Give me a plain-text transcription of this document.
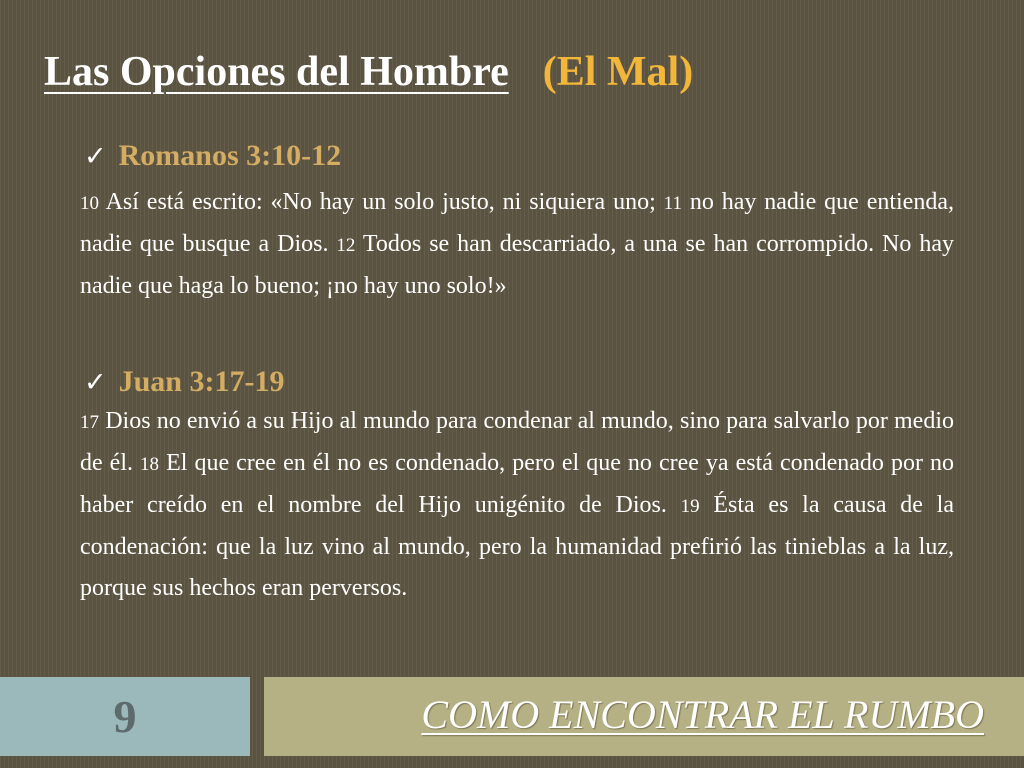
Las Opciones del Hombre (El Mal)
✓ Romanos 3:10-12

10 Así está escrito: «No hay un solo justo, ni siquiera uno; 11 no hay nadie que entienda, nadie que busque a Dios. 12 Todos se han descarriado, a una se han corrompido. No hay nadie que haga lo bueno; ¡no hay uno solo!»

✓ Juan 3:17-19

17 Dios no envió a su Hijo al mundo para condenar al mundo, sino para salvarlo por medio de él. 18 El que cree en él no es condenado, pero el que no cree ya está condenado por no haber creído en el nombre del Hijo unigénito de Dios. 19 Ésta es la causa de la condenación: que la luz vino al mundo, pero la humanidad prefirió las tinieblas a la luz, porque sus hechos eran perversos.

9	COMO ENCONTRAR EL RUMBO
